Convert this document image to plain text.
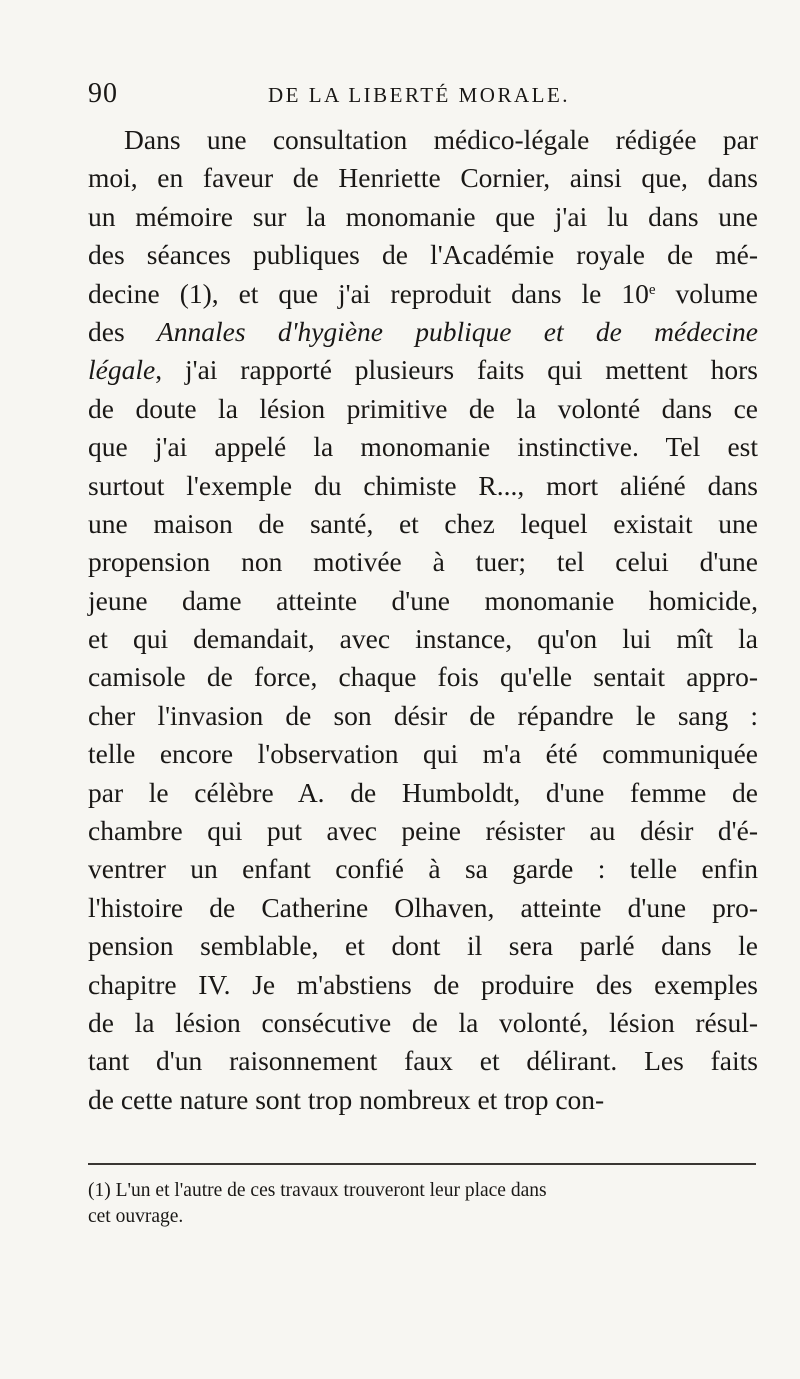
90	DE LA LIBERTÉ MORALE.
Dans une consultation médico-légale rédigée par
moi, en faveur de Henriette Cornier, ainsi que, dans
un mémoire sur la monomanie que j'ai lu dans une
des séances publiques de l'Académie royale de mé-
decine (1), et que j'ai reproduit dans le 10e volume
des Annales d'hygiène publique et de médecine
légale, j'ai rapporté plusieurs faits qui mettent hors
de doute la lésion primitive de la volonté dans ce
que j'ai appelé la monomanie instinctive. Tel est
surtout l'exemple du chimiste R..., mort aliéné dans
une maison de santé, et chez lequel existait une
propension non motivée à tuer; tel celui d'une
jeune dame atteinte d'une monomanie homicide,
et qui demandait, avec instance, qu'on lui mît la
camisole de force, chaque fois qu'elle sentait appro-
cher l'invasion de son désir de répandre le sang :
telle encore l'observation qui m'a été communiquée
par le célèbre A. de Humboldt, d'une femme de
chambre qui put avec peine résister au désir d'é-
ventrer un enfant confié à sa garde : telle enfin
l'histoire de Catherine Olhaven, atteinte d'une pro-
pension semblable, et dont il sera parlé dans le
chapitre IV. Je m'abstiens de produire des exemples
de la lésion consécutive de la volonté, lésion résul-
tant d'un raisonnement faux et délirant. Les faits
de cette nature sont trop nombreux et trop con-
(1) L'un et l'autre de ces travaux trouveront leur place dans
cet ouvrage.
